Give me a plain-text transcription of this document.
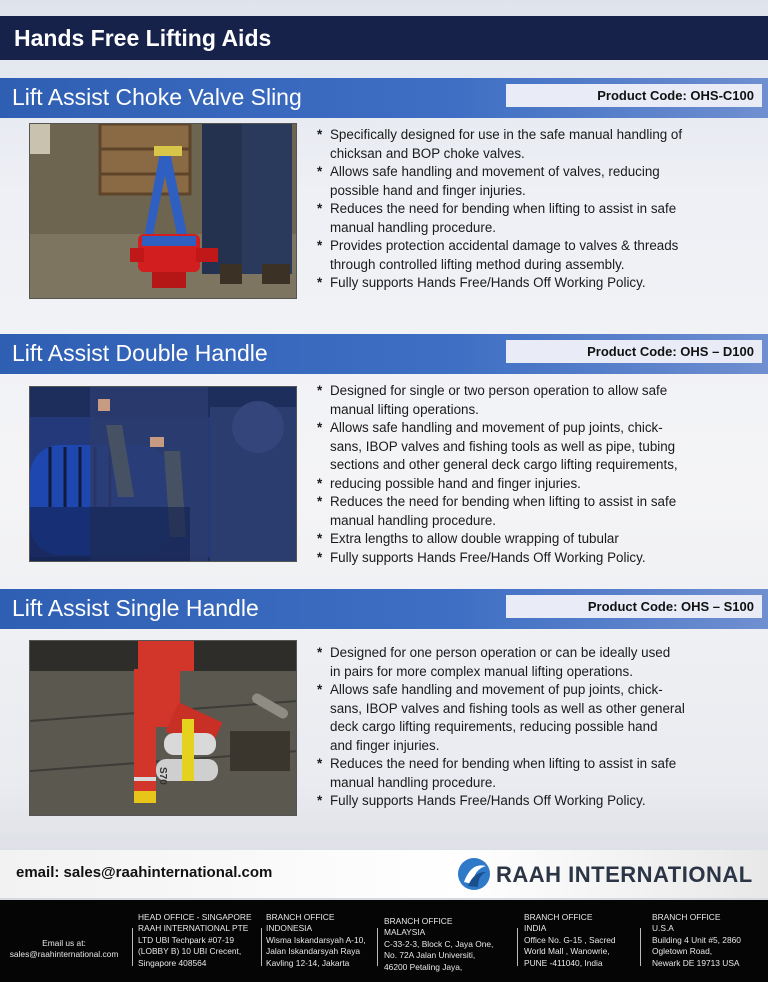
Hands Free Lifting Aids
Lift Assist Choke Valve Sling	Product Code: OHS-C100
* Specifically designed for use in the safe manual handling of
chicksan and BOP choke valves.
* Allows safe handling and movement of valves, reducing
possible hand and finger injuries.
* Reduces the need for bending when lifting to assist in safe
manual handling procedure.
* Provides protection accidental damage to valves & threads
through controlled lifting method during assembly.
* Fully supports Hands Free/Hands Off Working Policy.
Lift Assist Double Handle	Product Code: OHS – D100
* Designed for single or two person operation to allow safe
manual lifting operations.
* Allows safe handling and movement of pup joints, chick-
sans, IBOP valves and fishing tools as well as pipe, tubing
sections and other general deck cargo lifting requirements,
* reducing possible hand and finger injuries.
* Reduces the need for bending when lifting to assist in safe
manual handling procedure.
* Extra lengths to allow double wrapping of tubular
* Fully supports Hands Free/Hands Off Working Policy.
Lift Assist Single Handle	Product Code: OHS – S100
S70
* Designed for one person operation or can be ideally used
in pairs for more complex manual lifting operations.
* Allows safe handling and movement of pup joints, chick-
sans, IBOP valves and fishing tools as well as other general
deck cargo lifting requirements, reducing possible hand
and finger injuries.
* Reduces the need for bending when lifting to assist in safe
manual handling procedure.
* Fully supports Hands Free/Hands Off Working Policy.
email: sales@raahinternational.com	RAAH INTERNATIONAL
Email us at:
sales@raahinternational.com
HEAD OFFICE - SINGAPORE
RAAH INTERNATIONAL PTE
LTD UBI Techpark #07-19
(LOBBY B) 10 UBI Crecent,
Singapore 408564
BRANCH OFFICE
INDONESIA
Wisma Iskandarsyah A-10,
Jalan Iskandarsyah Raya
Kavling 12-14, Jakarta
BRANCH OFFICE
MALAYSIA
C-33-2-3, Block C, Jaya One,
No. 72A Jalan Universiti,
46200 Petaling Jaya,
BRANCH OFFICE
INDIA
Office No. G-15 , Sacred
World Mall , Wanowrie,
PUNE -411040, India
BRANCH OFFICE
U.S.A
Building 4 Unit #5, 2860
Ogletown Road,
Newark DE 19713 USA
